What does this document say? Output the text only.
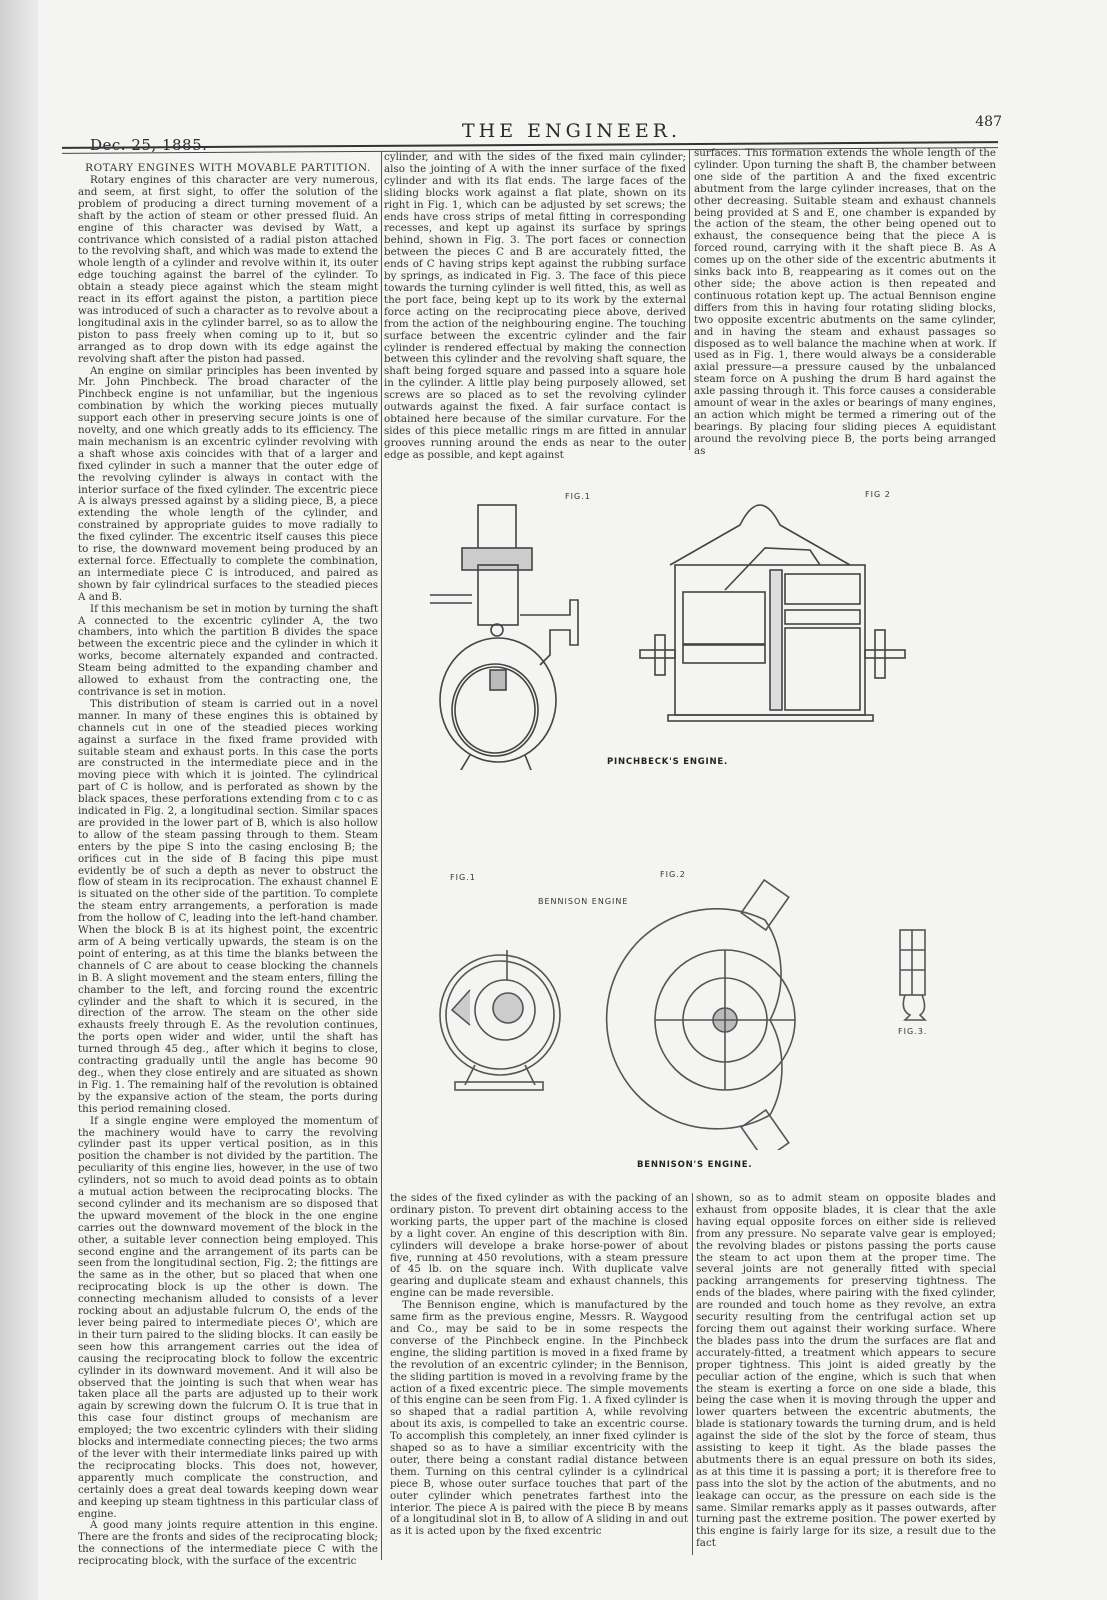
Dec. 25, 1885.
THE ENGINEER.	487

ROTARY ENGINES WITH MOVABLE PARTITION.

Rotary engines of this character are very numerous, and seem, at first sight, to offer the solution of the problem of producing a direct turning movement of a shaft by the action of steam or other pressed fluid. An engine of this character was devised by Watt, a contrivance which consisted of a radial piston attached to the revolving shaft, and which was made to extend the whole length of a cylinder and revolve within it, its outer edge touching against the barrel of the cylinder. To obtain a steady piece against which the steam might react in its effort against the piston, a partition piece was introduced of such a character as to revolve about a longitudinal axis in the cylinder barrel, so as to allow the piston to pass freely when coming up to it, but so arranged as to drop down with its edge against the revolving shaft after the piston had passed.

An engine on similar principles has been invented by Mr. John Pinchbeck. The broad character of the Pinchbeck engine is not unfamiliar, but the ingenious combination by which the working pieces mutually support each other in preserving secure joints is one of novelty, and one which greatly adds to its efficiency. The main mechanism is an excentric cylinder revolving with a shaft whose axis coincides with that of a larger and fixed cylinder in such a manner that the outer edge of the revolving cylinder is always in contact with the interior surface of the fixed cylinder. The excentric piece A is always pressed against by a sliding piece, B, a piece extending the whole length of the cylinder, and constrained by appropriate guides to move radially to the fixed cylinder. The excentric itself causes this piece to rise, the downward movement being produced by an external force. Effectually to complete the combination, an intermediate piece C is introduced, and paired as shown by fair cylindrical surfaces to the steadied pieces A and B.

If this mechanism be set in motion by turning the shaft A connected to the excentric cylinder A, the two chambers, into which the partition B divides the space between the excentric piece and the cylinder in which it works, become alternately expanded and contracted. Steam being admitted to the expanding chamber and allowed to exhaust from the contracting one, the contrivance is set in motion.

This distribution of steam is carried out in a novel manner. In many of these engines this is obtained by channels cut in one of the steadied pieces working against a surface in the fixed frame provided with suitable steam and exhaust ports. In this case the ports are constructed in the intermediate piece and in the moving piece with which it is jointed. The cylindrical part of C is hollow, and is perforated as shown by the black spaces, these perforations extending from c to c as indicated in Fig. 2, a longitudinal section. Similar spaces are provided in the lower part of B, which is also hollow to allow of the steam passing through to them. Steam enters by the pipe S into the casing enclosing B; the orifices cut in the side of B facing this pipe must evidently be of such a depth as never to obstruct the flow of steam in its reciprocation. The exhaust channel E is situated on the other side of the partition. To complete the steam entry arrangements, a perforation is made from the hollow of C, leading into the left-hand chamber. When the block B is at its highest point, the excentric arm of A being vertically upwards, the steam is on the point of entering, as at this time the blanks between the channels of C are about to cease blocking the channels in B. A slight movement and the steam enters, filling the chamber to the left, and forcing round the excentric cylinder and the shaft to which it is secured, in the direction of the arrow. The steam on the other side exhausts freely through E. As the revolution continues, the ports open wider and wider, until the shaft has turned through 45 deg., after which it begins to close, contracting gradually until the angle has become 90 deg., when they close entirely and are situated as shown in Fig. 1. The remaining half of the revolution is obtained by the expansive action of the steam, the ports during this period remaining closed.

If a single engine were employed the momentum of the machinery would have to carry the revolving cylinder past its upper vertical position, as in this position the chamber is not divided by the partition. The peculiarity of this engine lies, however, in the use of two cylinders, not so much to avoid dead points as to obtain a mutual action between the reciprocating blocks. The second cylinder and its mechanism are so disposed that the upward movement of the block in the one engine carries out the downward movement of the block in the other, a suitable lever connection being employed. This second engine and the arrangement of its parts can be seen from the longitudinal section, Fig. 2; the fittings are the same as in the other, but so placed that when one reciprocating block is up the other is down. The connecting mechanism alluded to consists of a lever rocking about an adjustable fulcrum O, the ends of the lever being paired to intermediate pieces O', which are in their turn paired to the sliding blocks. It can easily be seen how this arrangement carries out the idea of causing the reciprocating block to follow the excentric cylinder in its downward movement. And it will also be observed that the jointing is such that when wear has taken place all the parts are adjusted up to their work again by screwing down the fulcrum O. It is true that in this case four distinct groups of mechanism are employed; the two excentric cylinders with their sliding blocks and intermediate connecting pieces; the two arms of the lever with their intermediate links paired up with the reciprocating blocks. This does not, however, apparently much complicate the construction, and certainly does a great deal towards keeping down wear and keeping up steam tightness in this particular class of engine.

A good many joints require attention in this engine. There are the fronts and sides of the reciprocating block; the connections of the intermediate piece C with the reciprocating block, with the surface of the excentric

cylinder, and with the sides of the fixed main cylinder; also the jointing of A with the inner surface of the fixed cylinder and with its flat ends. The large faces of the sliding blocks work against a flat plate, shown on its right in Fig. 1, which can be adjusted by set screws; the ends have cross strips of metal fitting in corresponding recesses, and kept up against its surface by springs behind, shown in Fig. 3. The port faces or connection between the pieces C and B are accurately fitted, the ends of C having strips kept against the rubbing surface by springs, as indicated in Fig. 3. The face of this piece towards the turning cylinder is well fitted, this, as well as the port face, being kept up to its work by the external force acting on the reciprocating piece above, derived from the action of the neighbouring engine. The touching surface between the excentric cylinder and the fair cylinder is rendered effectual by making the connection between this cylinder and the revolving shaft square, the shaft being forged square and passed into a square hole in the cylinder. A little play being purposely allowed, set screws are so placed as to set the revolving cylinder outwards against the fixed. A fair surface contact is obtained here because of the similar curvature. For the sides of this piece metallic rings m are fitted in annular grooves running around the ends as near to the outer edge as possible, and kept against

surfaces. This formation extends the whole length of the cylinder. Upon turning the shaft B, the chamber between one side of the partition A and the fixed excentric abutment from the large cylinder increases, that on the other decreasing. Suitable steam and exhaust channels being provided at S and E, one chamber is expanded by the action of the steam, the other being opened out to exhaust, the consequence being that the piece A is forced round, carrying with it the shaft piece B. As A comes up on the other side of the excentric abutments it sinks back into B, reappearing as it comes out on the other side; the above action is then repeated and continuous rotation kept up. The actual Bennison engine differs from this in having four rotating sliding blocks, two opposite excentric abutments on the same cylinder, and in having the steam and exhaust passages so disposed as to well balance the machine when at work. If used as in Fig. 1, there would always be a considerable axial pressure—a pressure caused by the unbalanced steam force on A pushing the drum B hard against the axle passing through it. This force causes a considerable amount of wear in the axles or bearings of many engines, an action which might be termed a rimering out of the bearings. By placing four sliding pieces A equidistant around the revolving piece B, the ports being arranged as

FIG.1	FIG 2
PINCHBECK'S ENGINE.
FIG.1	FIG.2
BENNISON ENGINE
FIG.3.
BENNISON'S ENGINE.

the sides of the fixed cylinder as with the packing of an ordinary piston. To prevent dirt obtaining access to the working parts, the upper part of the machine is closed by a light cover. An engine of this description with 8in. cylinders will develope a brake horse-power of about five, running at 450 revolutions, with a steam pressure of 45 lb. on the square inch. With duplicate valve gearing and duplicate steam and exhaust channels, this engine can be made reversible.

The Bennison engine, which is manufactured by the same firm as the previous engine, Messrs. R. Waygood and Co., may be said to be in some respects the converse of the Pinchbeck engine. In the Pinchbeck engine, the sliding partition is moved in a fixed frame by the revolution of an excentric cylinder; in the Bennison, the sliding partition is moved in a revolving frame by the action of a fixed excentric piece. The simple movements of this engine can be seen from Fig. 1. A fixed cylinder is so shaped that a radial partition A, while revolving about its axis, is compelled to take an excentric course. To accomplish this completely, an inner fixed cylinder is shaped so as to have a similiar excentricity with the outer, there being a constant radial distance between them. Turning on this central cylinder is a cylindrical piece B, whose outer surface touches that part of the outer cylinder which penetrates farthest into the interior. The piece A is paired with the piece B by means of a longitudinal slot in B, to allow of A sliding in and out as it is acted upon by the fixed excentric

shown, so as to admit steam on opposite blades and exhaust from opposite blades, it is clear that the axle having equal opposite forces on either side is relieved from any pressure. No separate valve gear is employed; the revolving blades or pistons passing the ports cause the steam to act upon them at the proper time. The several joints are not generally fitted with special packing arrangements for preserving tightness. The ends of the blades, where pairing with the fixed cylinder, are rounded and touch home as they revolve, an extra security resulting from the centrifugal action set up forcing them out against their working surface. Where the blades pass into the drum the surfaces are flat and accurately-fitted, a treatment which appears to secure proper tightness. This joint is aided greatly by the peculiar action of the engine, which is such that when the steam is exerting a force on one side a blade, this being the case when it is moving through the upper and lower quarters between the excentric abutments, the blade is stationary towards the turning drum, and is held against the side of the slot by the force of steam, thus assisting to keep it tight. As the blade passes the abutments there is an equal pressure on both its sides, as at this time it is passing a port; it is therefore free to pass into the slot by the action of the abutments, and no leakage can occur, as the pressure on each side is the same. Similar remarks apply as it passes outwards, after turning past the extreme position. The power exerted by this engine is fairly large for its size, a result due to the fact
